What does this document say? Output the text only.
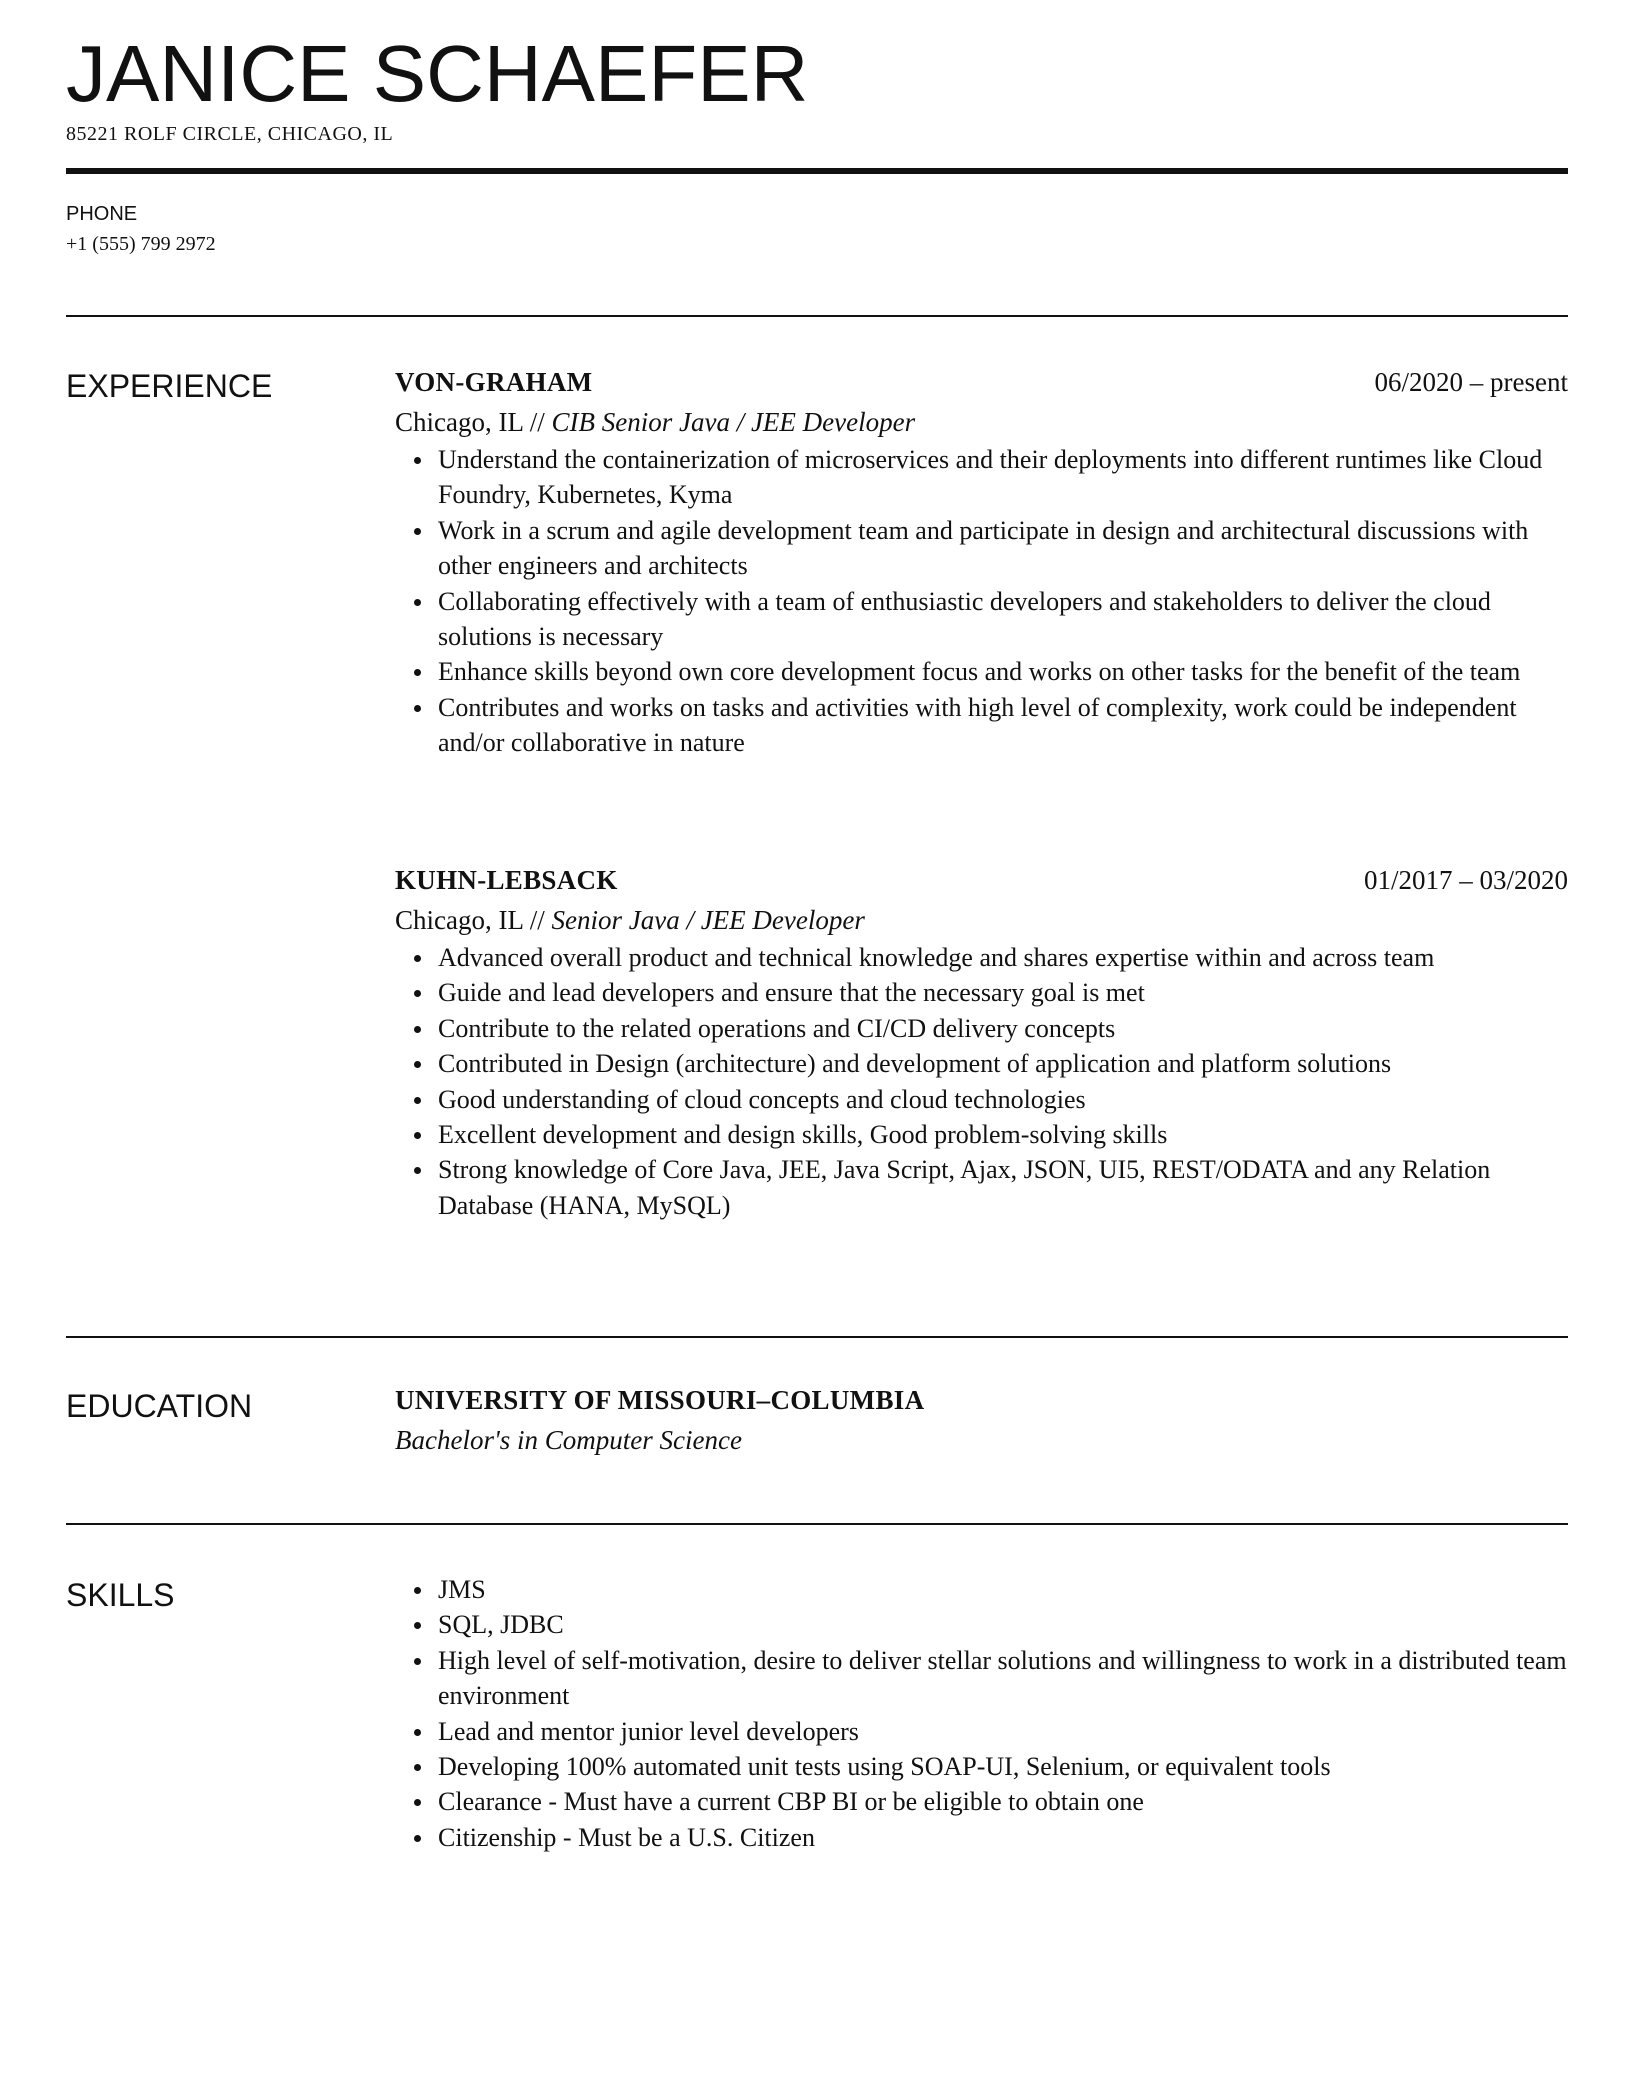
JANICE SCHAEFER
85221 ROLF CIRCLE, CHICAGO, IL
PHONE
+1 (555) 799 2972
EXPERIENCE	VON-GRAHAM	06/2020 – present
Chicago, IL // CIB Senior Java / JEE Developer
Understand the containerization of microservices and their deployments into different runtimes like Cloud Foundry, Kubernetes, Kyma
Work in a scrum and agile development team and participate in design and architectural discussions with other engineers and architects
Collaborating effectively with a team of enthusiastic developers and stakeholders to deliver the cloud solutions is necessary
Enhance skills beyond own core development focus and works on other tasks for the benefit of the team
Contributes and works on tasks and activities with high level of complexity, work could be independent and/or collaborative in nature
KUHN-LEBSACK	01/2017 – 03/2020
Chicago, IL // Senior Java / JEE Developer
Advanced overall product and technical knowledge and shares expertise within and across team
Guide and lead developers and ensure that the necessary goal is met
Contribute to the related operations and CI/CD delivery concepts
Contributed in Design (architecture) and development of application and platform solutions
Good understanding of cloud concepts and cloud technologies
Excellent development and design skills, Good problem-solving skills
Strong knowledge of Core Java, JEE, Java Script, Ajax, JSON, UI5, REST/ODATA and any Relation Database (HANA, MySQL)
EDUCATION	UNIVERSITY OF MISSOURI–COLUMBIA
Bachelor's in Computer Science
SKILLS	JMS
SQL, JDBC
High level of self-motivation, desire to deliver stellar solutions and willingness to work in a distributed team environment
Lead and mentor junior level developers
Developing 100% automated unit tests using SOAP-UI, Selenium, or equivalent tools
Clearance - Must have a current CBP BI or be eligible to obtain one
Citizenship - Must be a U.S. Citizen
